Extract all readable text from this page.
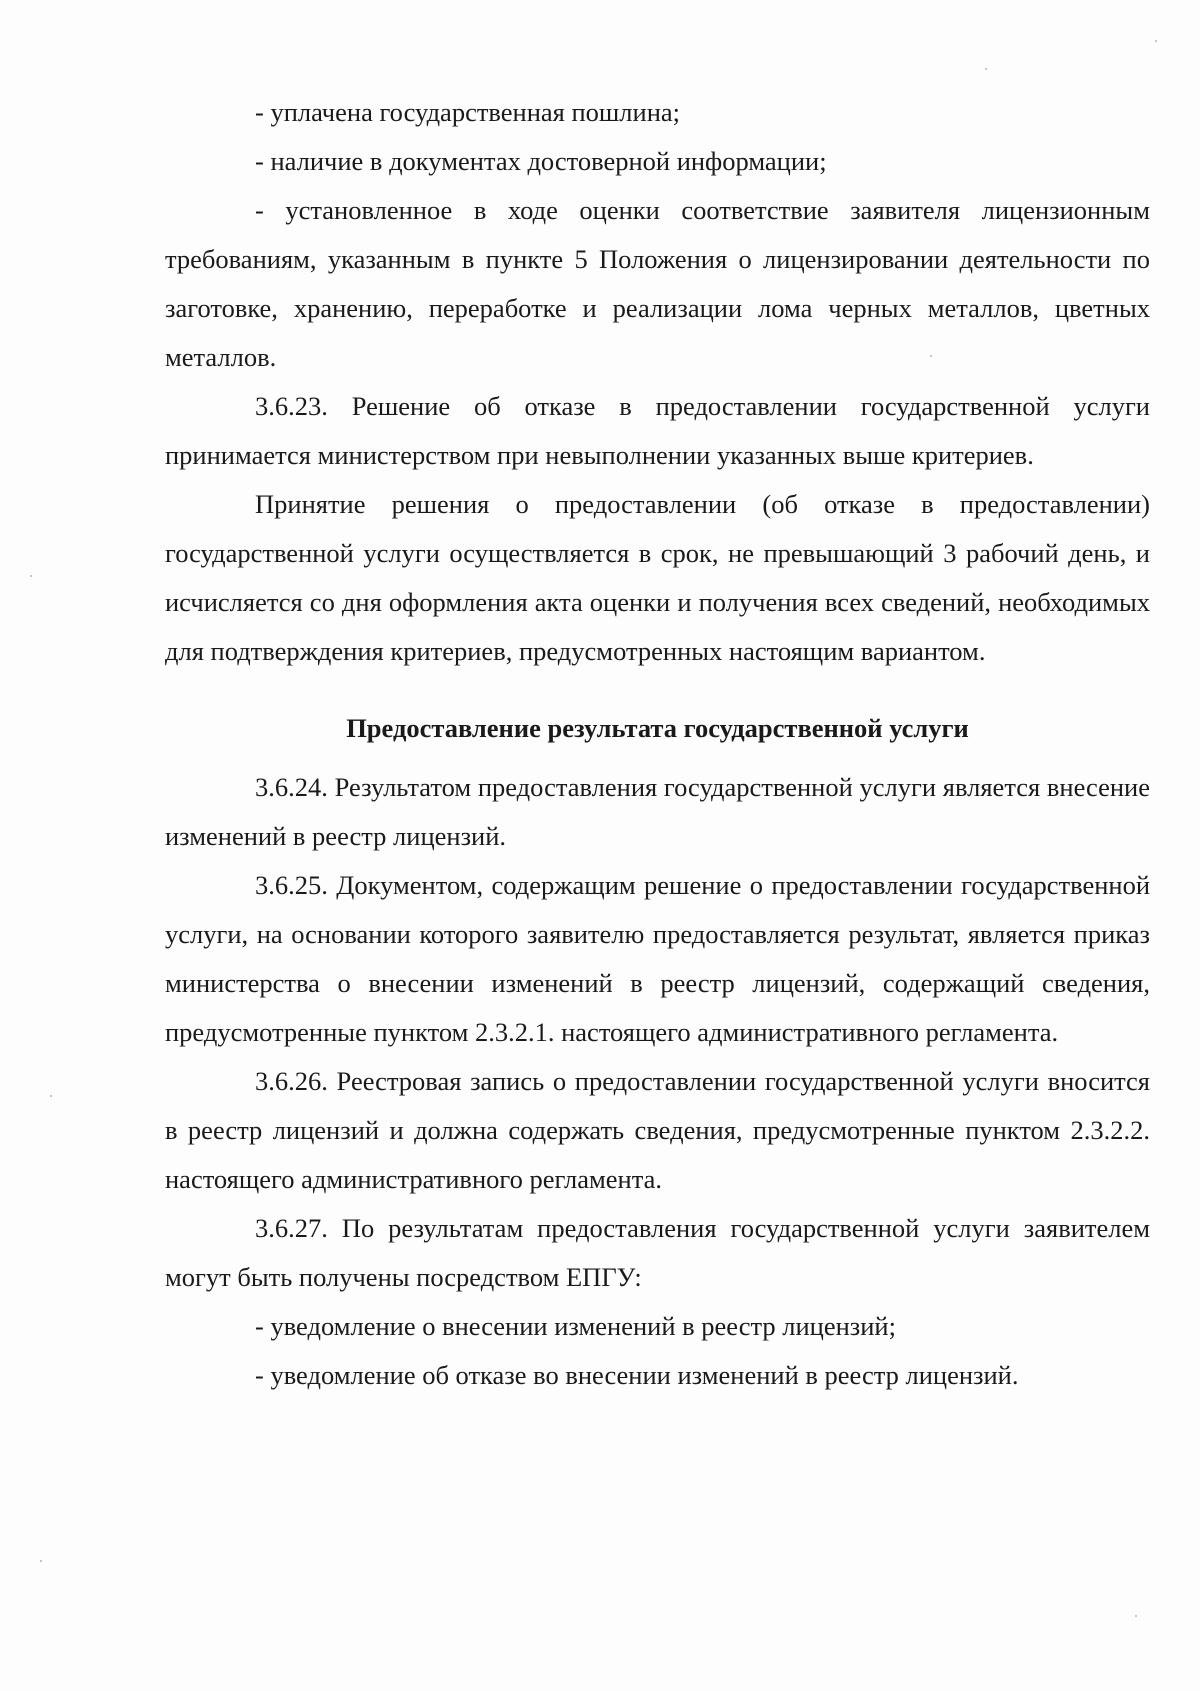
- уплачена государственная пошлина;

- наличие в документах достоверной информации;

- установленное в ходе оценки соответствие заявителя лицензионным требованиям, указанным в пункте 5 Положения о лицензировании деятельности по заготовке, хранению, переработке и реализации лома черных металлов, цветных металлов.

3.6.23. Решение об отказе в предоставлении государственной услуги принимается министерством при невыполнении указанных выше критериев.

Принятие решения о предоставлении (об отказе в предоставлении) государственной услуги осуществляется в срок, не превышающий 3 рабочий день, и исчисляется со дня оформления акта оценки и получения всех сведений, необходимых для подтверждения критериев, предусмотренных настоящим вариантом.

Предоставление результата государственной услуги

3.6.24. Результатом предоставления государственной услуги является внесение изменений в реестр лицензий.

3.6.25. Документом, содержащим решение о предоставлении государственной услуги, на основании которого заявителю предоставляется результат, является приказ министерства о внесении изменений в реестр лицензий, содержащий сведения, предусмотренные пунктом 2.3.2.1. настоящего административного регламента.

3.6.26. Реестровая запись о предоставлении государственной услуги вносится в реестр лицензий и должна содержать сведения, предусмотренные пунктом 2.3.2.2. настоящего административного регламента.

3.6.27. По результатам предоставления государственной услуги заявителем могут быть получены посредством ЕПГУ:

- уведомление о внесении изменений в реестр лицензий;

- уведомление об отказе во внесении изменений в реестр лицензий.
